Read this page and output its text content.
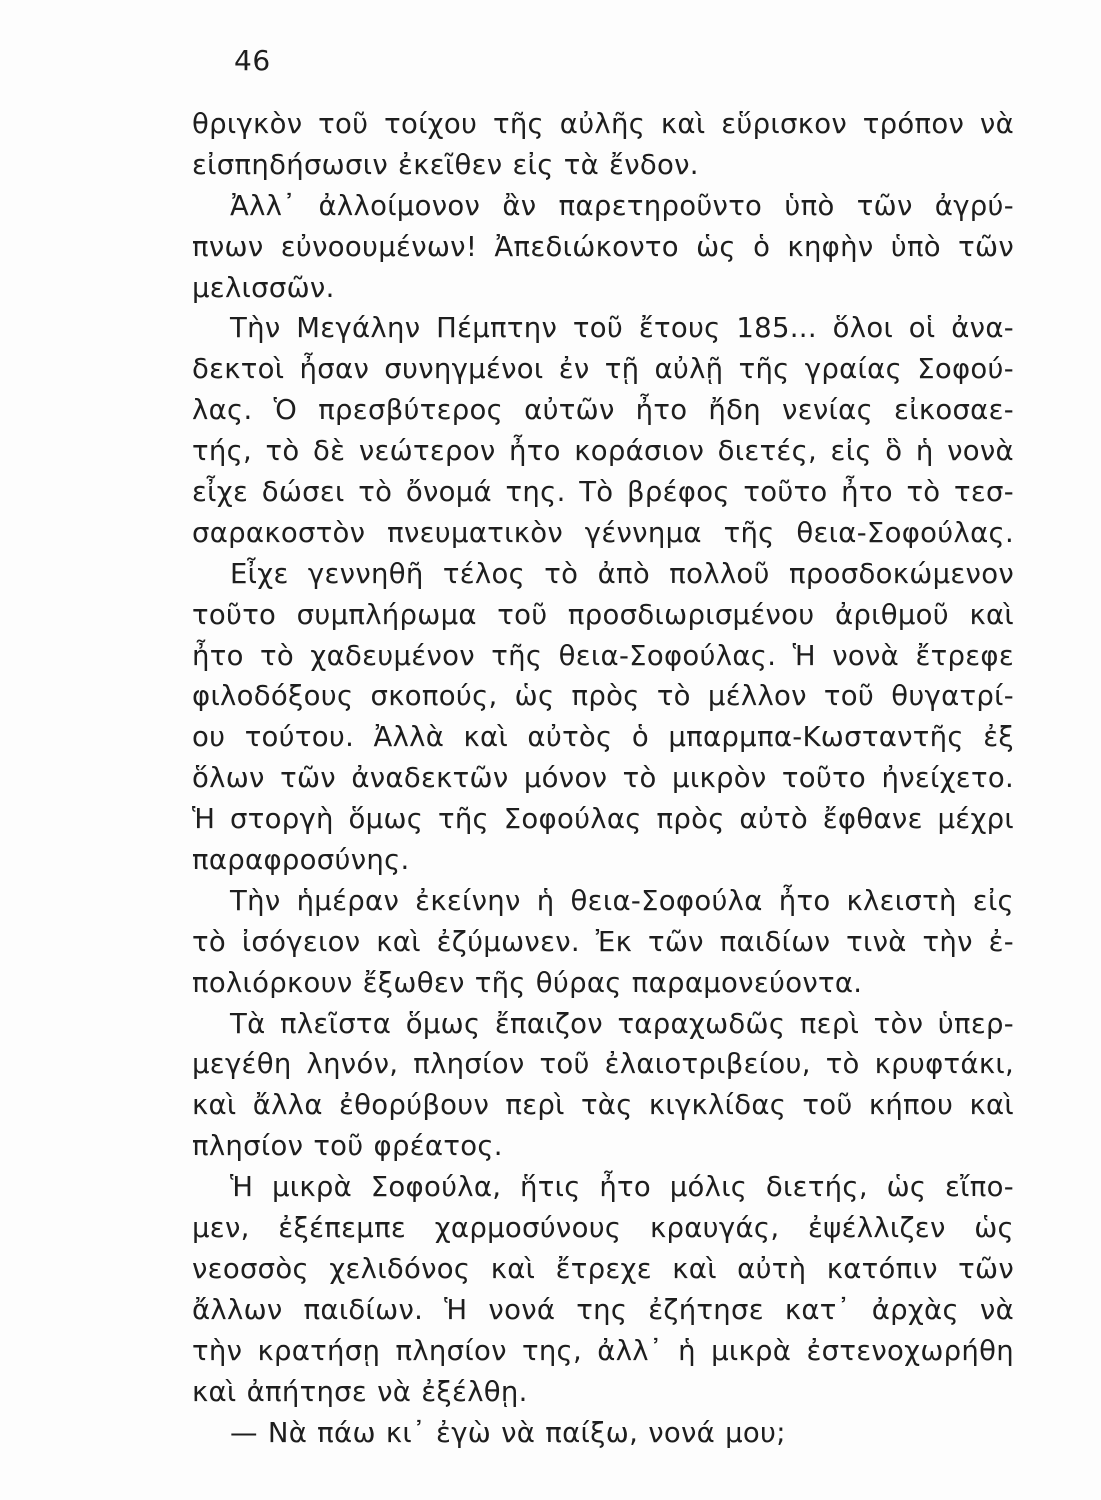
46
θριγκὸν τοῦ τοίχου τῆς αὐλῆς καὶ εὕρισκον τρόπον νὰ
εἰσπηδήσωσιν ἐκεῖθεν εἰς τὰ ἔνδον.
Ἀλλ᾽ ἀλλοίμονον ἂν παρετηροῦντο ὑπὸ τῶν ἀγρύ-
πνων εὐνοουμένων! Ἀπεδιώκοντο ὡς ὁ κηφὴν ὑπὸ τῶν
μελισσῶν.
Τὴν Μεγάλην Πέμπτην τοῦ ἔτους 185... ὅλοι οἱ ἀνα-
δεκτοὶ ἦσαν συνηγμένοι ἐν τῇ αὐλῇ τῆς γραίας Σοφού-
λας. Ὁ πρεσβύτερος αὐτῶν ἦτο ἤδη νενίας εἰκοσαε-
τής, τὸ δὲ νεώτερον ἦτο κοράσιον διετές, εἰς ὃ ἡ νονὰ
εἶχε δώσει τὸ ὄνομά της. Τὸ βρέφος τοῦτο ἦτο τὸ τεσ-
σαρακοστὸν πνευματικὸν γέννημα τῆς θεια-Σοφούλας.
Εἶχε γεννηθῆ τέλος τὸ ἀπὸ πολλοῦ προσδοκώμενον
τοῦτο συμπλήρωμα τοῦ προσδιωρισμένου ἀριθμοῦ καὶ
ἦτο τὸ χαδευμένον τῆς θεια-Σοφούλας. Ἡ νονὰ ἔτρεφε
φιλοδόξους σκοπούς, ὡς πρὸς τὸ μέλλον τοῦ θυγατρί-
ου τούτου. Ἀλλὰ καὶ αὐτὸς ὁ μπαρμπα-Κωσταντῆς ἐξ
ὅλων τῶν ἀναδεκτῶν μόνον τὸ μικρὸν τοῦτο ἠνείχετο.
Ἡ στοργὴ ὅμως τῆς Σοφούλας πρὸς αὐτὸ ἔφθανε μέχρι
παραφροσύνης.
Τὴν ἡμέραν ἐκείνην ἡ θεια-Σοφούλα ἦτο κλειστὴ εἰς
τὸ ἰσόγειον καὶ ἐζύμωνεν. Ἐκ τῶν παιδίων τινὰ τὴν ἐ-
πολιόρκουν ἔξωθεν τῆς θύρας παραμονεύοντα.
Τὰ πλεῖστα ὅμως ἔπαιζον ταραχωδῶς περὶ τὸν ὑπερ-
μεγέθη ληνόν, πλησίον τοῦ ἐλαιοτριβείου, τὸ κρυφτάκι,
καὶ ἄλλα ἐθορύβουν περὶ τὰς κιγκλίδας τοῦ κήπου καὶ
πλησίον τοῦ φρέατος.
Ἡ μικρὰ Σοφούλα, ἥτις ἦτο μόλις διετής, ὡς εἴπο-
μεν, ἐξέπεμπε χαρμοσύνους κραυγάς, ἐψέλλιζεν ὡς
νεοσσὸς χελιδόνος καὶ ἔτρεχε καὶ αὐτὴ κατόπιν τῶν
ἄλλων παιδίων. Ἡ νονά της ἐζήτησε κατ᾽ ἀρχὰς νὰ
τὴν κρατήσῃ πλησίον της, ἀλλ᾽ ἡ μικρὰ ἐστενοχωρήθη
καὶ ἀπήτησε νὰ ἐξέλθῃ.
— Νὰ πάω κι᾽ ἐγὼ νὰ παίξω, νονά μου;
